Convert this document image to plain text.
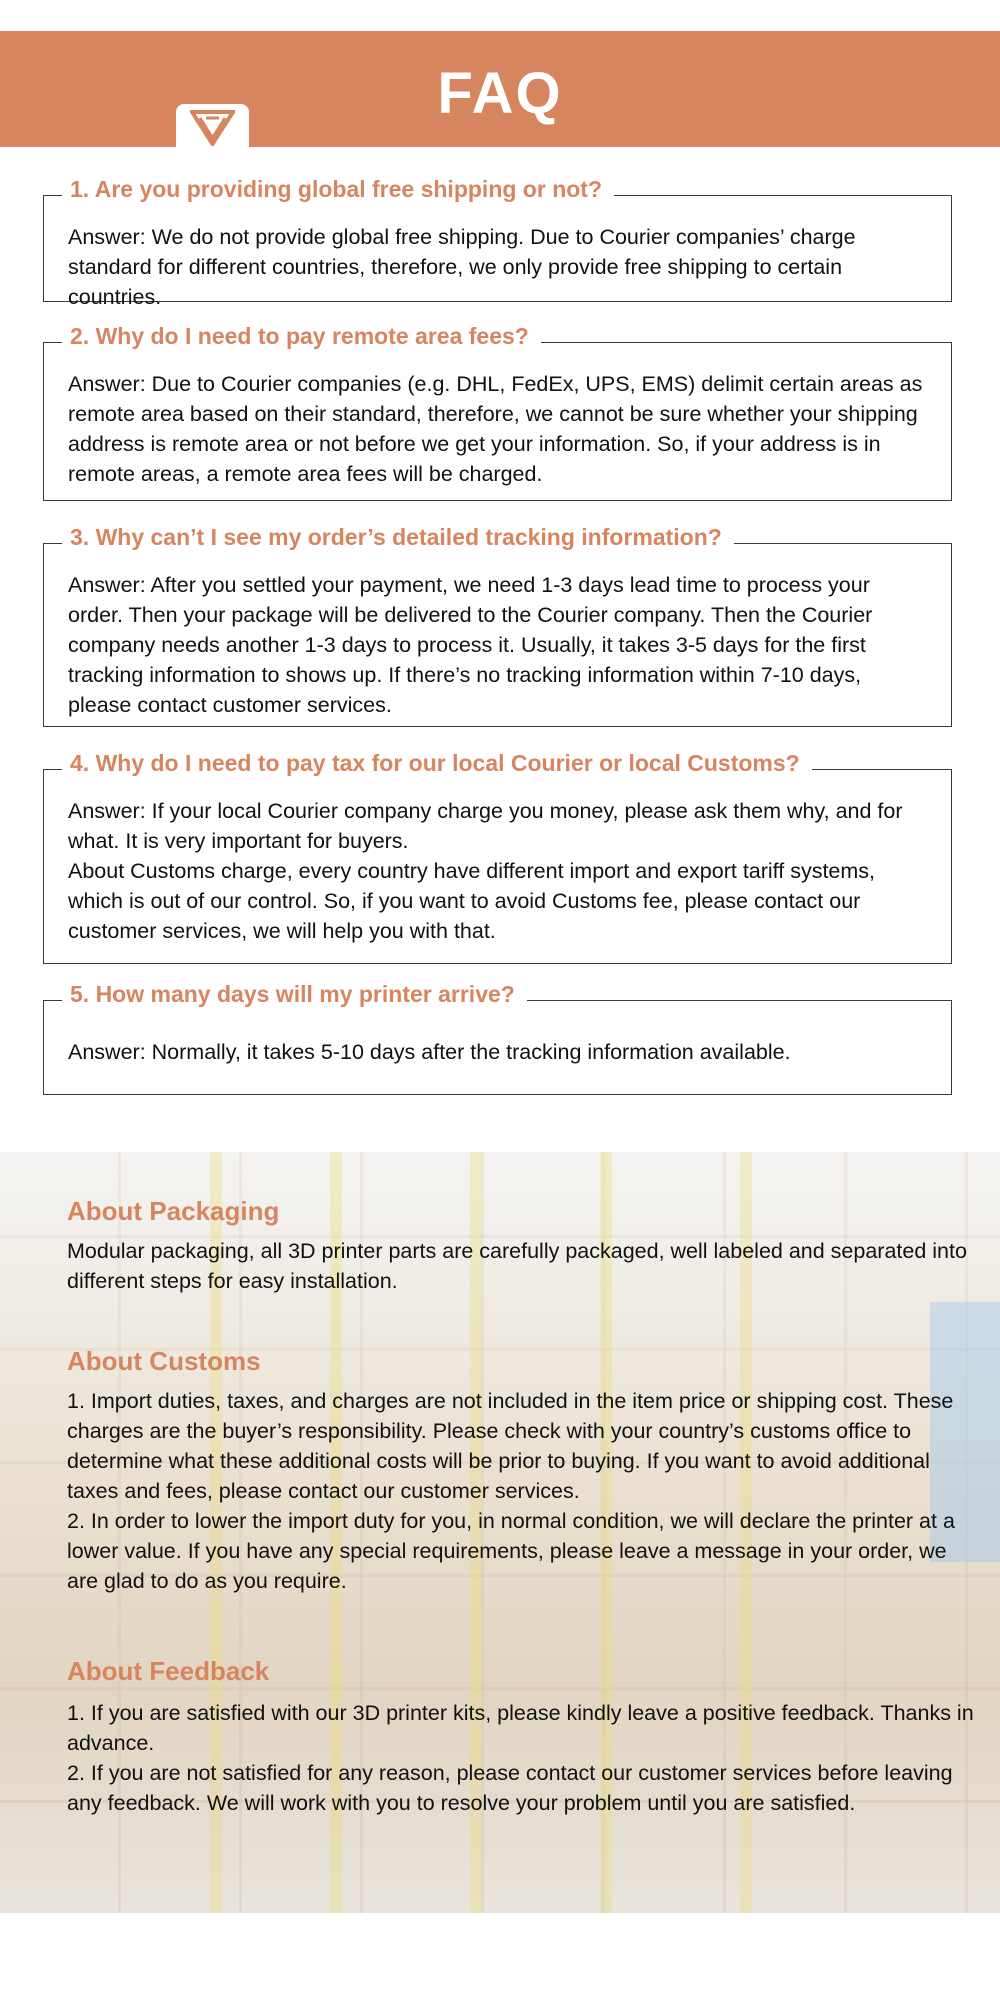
FAQ
1. Are you providing global free shipping or not?
Answer: We do not provide global free shipping. Due to Courier companies’ charge standard for different countries, therefore, we only provide free shipping to certain countries.
2. Why do I need to pay remote area fees?
Answer: Due to Courier companies (e.g. DHL, FedEx, UPS, EMS) delimit certain areas as remote area based on their standard, therefore, we cannot be sure whether your shipping address is remote area or not before we get your information. So, if your address is in remote areas, a remote area fees will be charged.
3. Why can’t I see my order’s detailed tracking information?
Answer: After you settled your payment, we need 1-3 days lead time to process your order. Then your package will be delivered to the Courier company. Then the Courier company needs another 1-3 days to process it. Usually, it takes 3-5 days for the first tracking information to shows up. If there’s no tracking information within 7-10 days, please contact customer services.
4. Why do I need to pay tax for our local Courier or local Customs?
Answer: If your local Courier company charge you money, please ask them why, and for what. It is very important for buyers.
About Customs charge, every country have different import and export tariff systems, which is out of our control. So, if you want to avoid Customs fee, please contact our customer services, we will help you with that.
5. How many days will my printer arrive?
Answer: Normally, it takes 5-10 days after the tracking information available.
About Packaging
Modular packaging, all 3D printer parts are carefully packaged, well labeled and separated into different steps for easy installation.
About Customs
1. Import duties, taxes, and charges are not included in the item price or shipping cost. These charges are the buyer’s responsibility. Please check with your country’s customs office to determine what these additional costs will be prior to buying. If you want to avoid additional taxes and fees, please contact our customer services.
2. In order to lower the import duty for you, in normal condition, we will declare the printer at a lower value. If you have any special requirements, please leave a message in your order, we are glad to do as you require.
About Feedback
1. If you are satisfied with our 3D printer kits, please kindly leave a positive feedback. Thanks in advance.
2. If you are not satisfied for any reason, please contact our customer services before leaving any feedback. We will work with you to resolve your problem until you are satisfied.
